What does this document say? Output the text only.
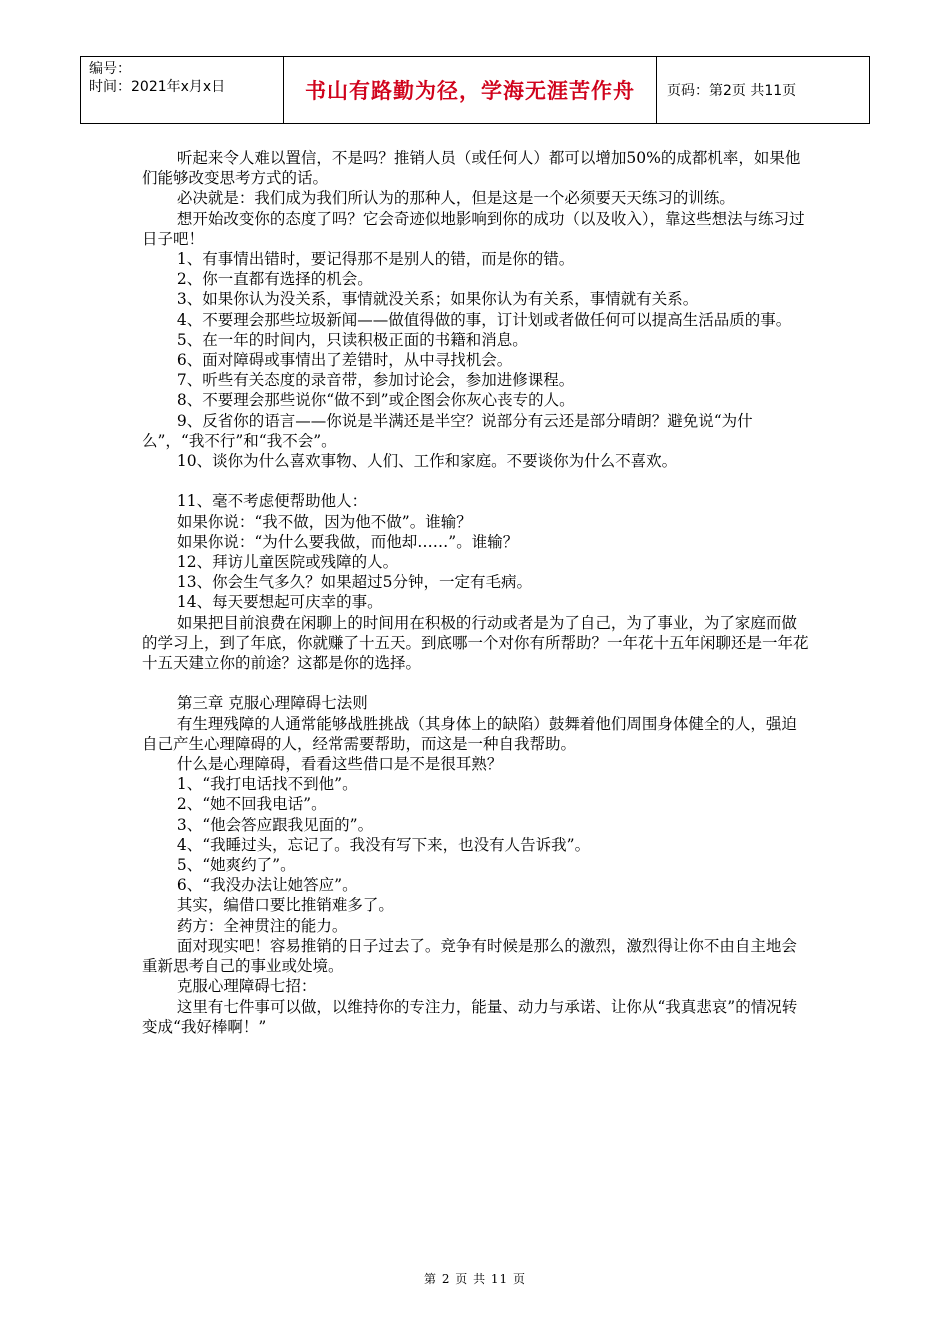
编号：
时间：2021年x月x日	书山有路勤为径，学海无涯苦作舟	页码：第2页 共11页

听起来令人难以置信，不是吗？推销人员（或任何人）都可以增加50%的成都机率，如果他们能够改变思考方式的话。

必决就是：我们成为我们所认为的那种人，但是这是一个必须要天天练习的训练。

想开始改变你的态度了吗？它会奇迹似地影响到你的成功（以及收入），靠这些想法与练习过日子吧！

1、有事情出错时，要记得那不是别人的错，而是你的错。

2、你一直都有选择的机会。

3、如果你认为没关系，事情就没关系；如果你认为有关系，事情就有关系。

4、不要理会那些垃圾新闻——做值得做的事，订计划或者做任何可以提高生活品质的事。

5、在一年的时间内，只读积极正面的书籍和消息。

6、面对障碍或事情出了差错时，从中寻找机会。

7、听些有关态度的录音带，参加讨论会，参加进修课程。

8、不要理会那些说你“做不到”或企图会你灰心丧专的人。

9、反省你的语言——你说是半满还是半空？说部分有云还是部分晴朗？避免说“为什么”，“我不行”和“我不会”。

10、谈你为什么喜欢事物、人们、工作和家庭。不要谈你为什么不喜欢。

11、毫不考虑便帮助他人：

如果你说：“我不做，因为他不做”。谁输？

如果你说：“为什么要我做，而他却……”。谁输？

12、拜访儿童医院或残障的人。

13、你会生气多久？如果超过5分钟，一定有毛病。

14、每天要想起可庆幸的事。

如果把目前浪费在闲聊上的时间用在积极的行动或者是为了自己，为了事业，为了家庭而做的学习上，到了年底，你就赚了十五天。到底哪一个对你有所帮助？一年花十五年闲聊还是一年花十五天建立你的前途？这都是你的选择。

第三章 克服心理障碍七法则

有生理残障的人通常能够战胜挑战（其身体上的缺陷）鼓舞着他们周围身体健全的人，强迫自己产生心理障碍的人，经常需要帮助，而这是一种自我帮助。

什么是心理障碍，看看这些借口是不是很耳熟？

1、“我打电话找不到他”。

2、“她不回我电话”。

3、“他会答应跟我见面的”。

4、“我睡过头，忘记了。我没有写下来，也没有人告诉我”。

5、“她爽约了”。

6、“我没办法让她答应”。

其实，编借口要比推销难多了。

药方：全神贯注的能力。

面对现实吧！容易推销的日子过去了。竞争有时候是那么的激烈，激烈得让你不由自主地会重新思考自己的事业或处境。

克服心理障碍七招：

这里有七件事可以做，以维持你的专注力，能量、动力与承诺、让你从“我真悲哀”的情况转变成“我好棒啊！”

第 2 页 共 11 页
